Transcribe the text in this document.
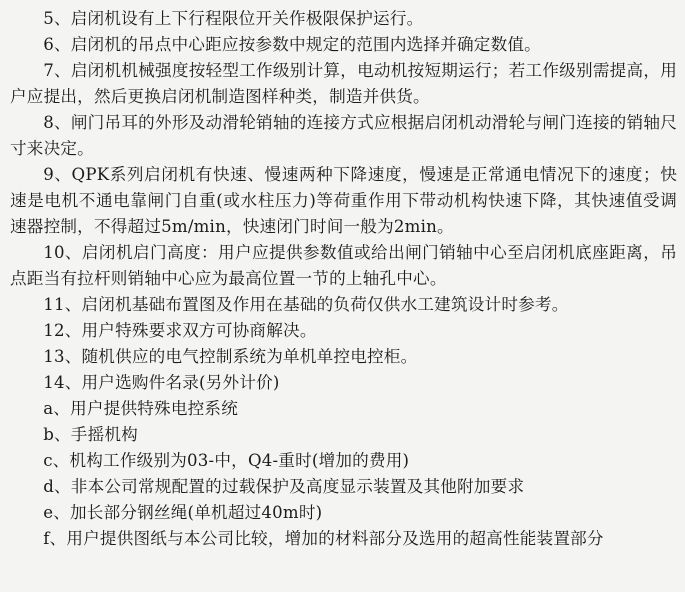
5、启闭机设有上下行程限位开关作极限保护运行。

6、启闭机的吊点中心距应按参数中规定的范围内选择并确定数值。

7、启闭机机械强度按轻型工作级别计算，电动机按短期运行；若工作级别需提高，用户应提出，然后更换启闭机制造图样种类，制造并供货。

8、闸门吊耳的外形及动滑轮销轴的连接方式应根据启闭机动滑轮与闸门连接的销轴尺寸来决定。

9、QPK系列启闭机有快速、慢速两种下降速度，慢速是正常通电情况下的速度；快速是电机不通电靠闸门自重(或水柱压力)等荷重作用下带动机构快速下降，其快速值受调速器控制，不得超过5m/min，快速闭门时间一般为2min。

10、启闭机启门高度：用户应提供参数值或给出闸门销轴中心至启闭机底座距离，吊点距当有拉杆则销轴中心应为最高位置一节的上轴孔中心。

11、启闭机基础布置图及作用在基础的负荷仅供水工建筑设计时参考。

12、用户特殊要求双方可协商解决。

13、随机供应的电气控制系统为单机单控电控柜。

14、用户选购件名录(另外计价)

a、用户提供特殊电控系统

b、手摇机构

c、机构工作级别为03-中，Q4-重时(增加的费用)

d、非本公司常规配置的过载保护及高度显示装置及其他附加要求

e、加长部分钢丝绳(单机超过40m时)

f、用户提供图纸与本公司比较，增加的材料部分及选用的超高性能装置部分
